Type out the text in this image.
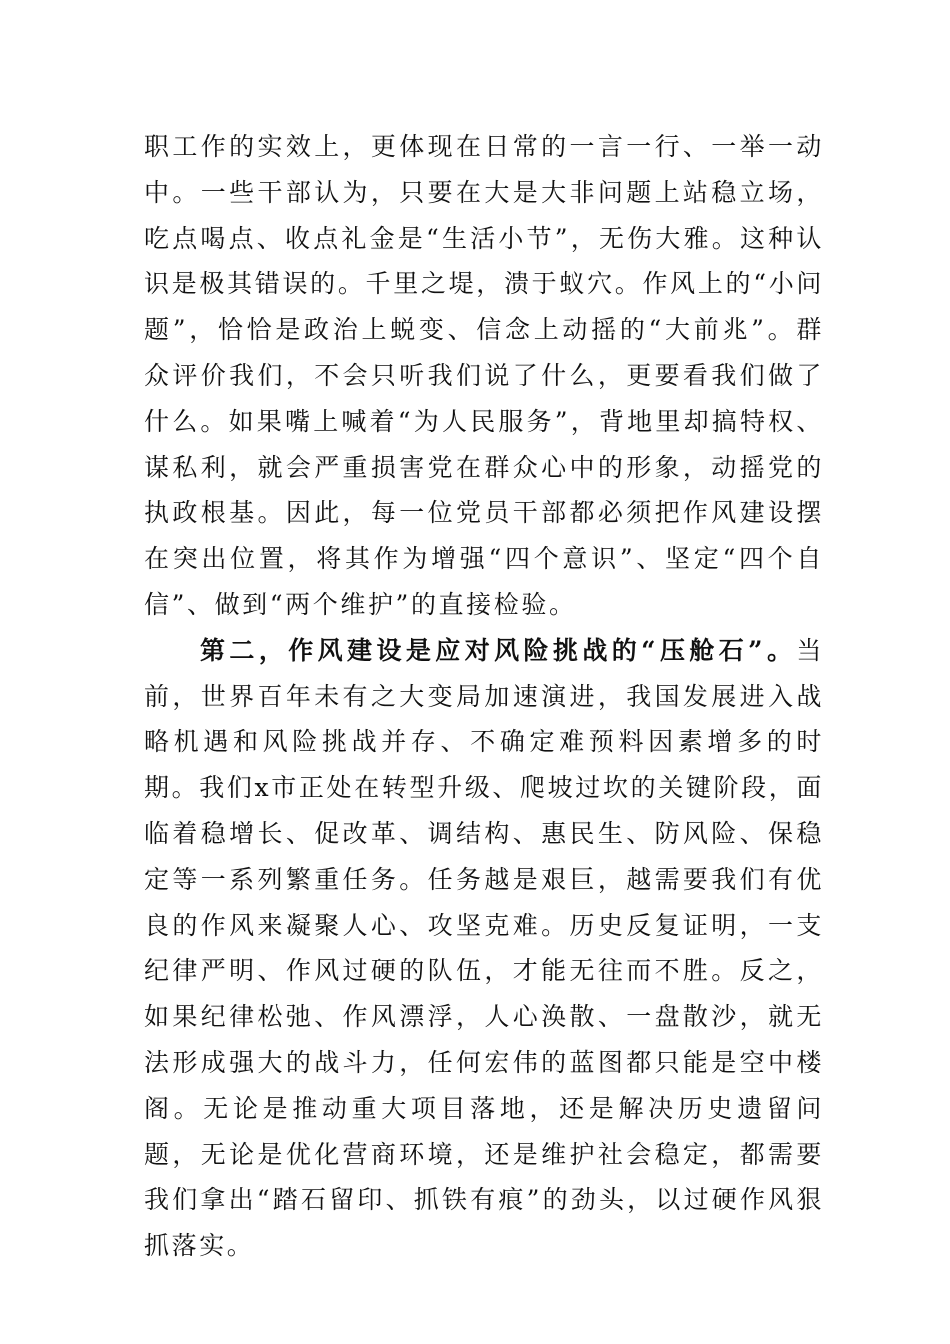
职工作的实效上，更体现在日常的一言一行、一举一动中。一些干部认为，只要在大是大非问题上站稳立场，吃点喝点、收点礼金是“生活小节”，无伤大雅。这种认识是极其错误的。千里之堤，溃于蚁穴。作风上的“小问题”，恰恰是政治上蜕变、信念上动摇的“大前兆”。群众评价我们，不会只听我们说了什么，更要看我们做了什么。如果嘴上喊着“为人民服务”，背地里却搞特权、谋私利，就会严重损害党在群众心中的形象，动摇党的执政根基。因此，每一位党员干部都必须把作风建设摆在突出位置，将其作为增强“四个意识”、坚定“四个自信”、做到“两个维护”的直接检验。

第二，作风建设是应对风险挑战的“压舱石”。当前，世界百年未有之大变局加速演进，我国发展进入战略机遇和风险挑战并存、不确定难预料因素增多的时期。我们x市正处在转型升级、爬坡过坎的关键阶段，面临着稳增长、促改革、调结构、惠民生、防风险、保稳定等一系列繁重任务。任务越是艰巨，越需要我们有优良的作风来凝聚人心、攻坚克难。历史反复证明，一支纪律严明、作风过硬的队伍，才能无往而不胜。反之，如果纪律松弛、作风漂浮，人心涣散、一盘散沙，就无法形成强大的战斗力，任何宏伟的蓝图都只能是空中楼阁。无论是推动重大项目落地，还是解决历史遗留问题，无论是优化营商环境，还是维护社会稳定，都需要我们拿出“踏石留印、抓铁有痕”的劲头，以过硬作风狠抓落实。
